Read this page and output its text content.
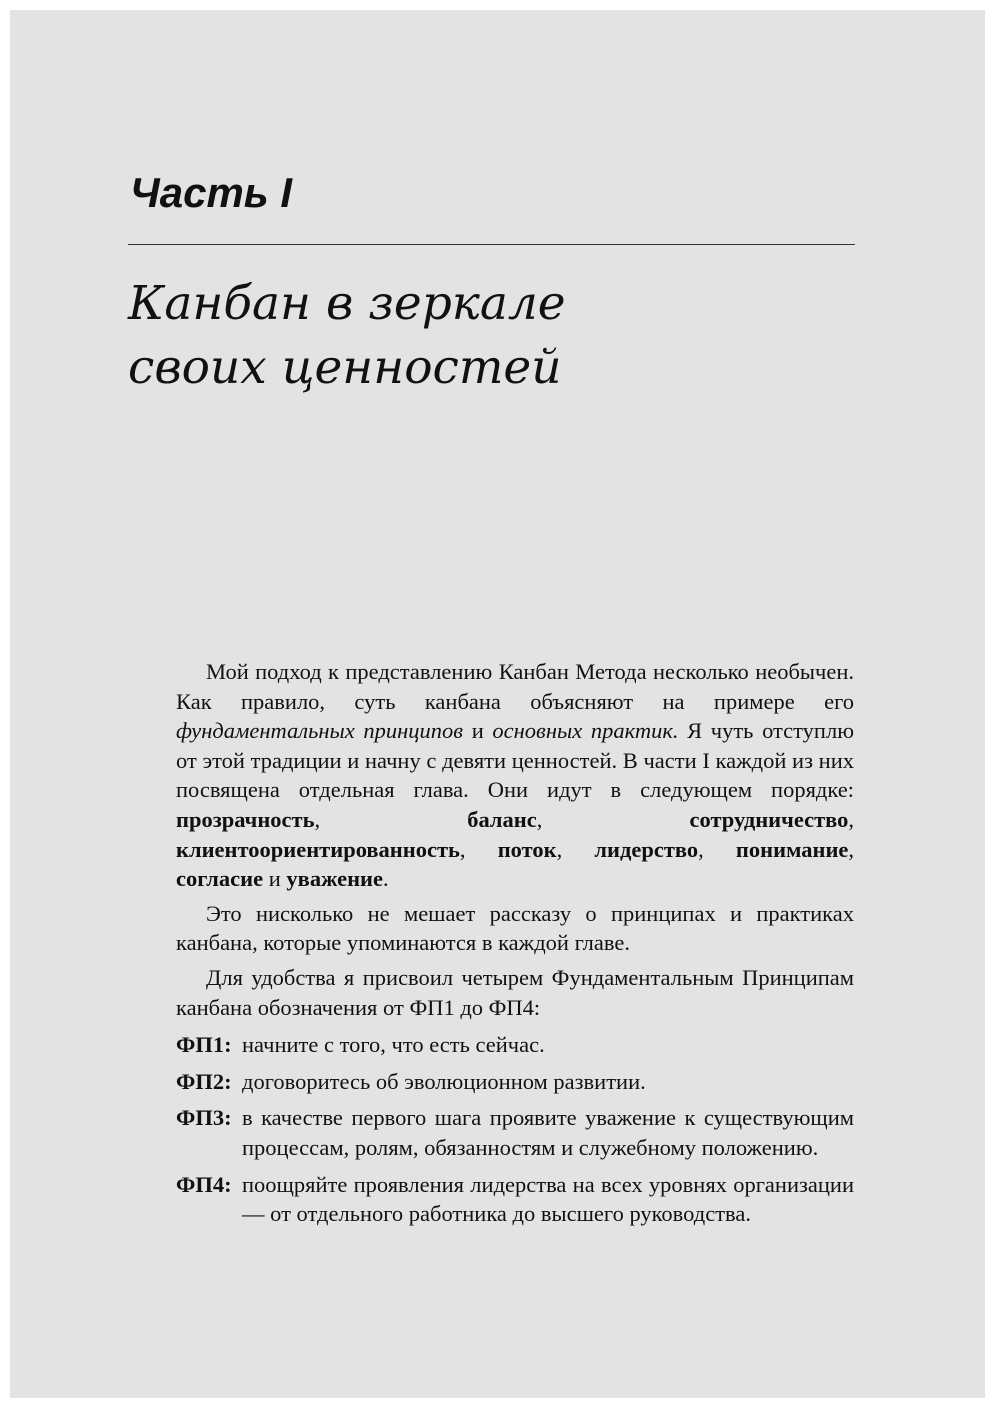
Часть I
Канбан в зеркале
своих ценностей

Мой подход к представлению Канбан Метода несколько необычен. Как правило, суть канбана объясняют на примере его фундаментальных принципов и основных практик. Я чуть отступлю от этой традиции и начну с девяти ценностей. В части I каждой из них посвящена отдельная глава. Они идут в следующем порядке: прозрачность, баланс, сотрудничество, клиентоориентированность, поток, лидерство, понимание, согласие и уважение.

Это нисколько не мешает рассказу о принципах и практиках канбана, которые упоминаются в каждой главе.

Для удобства я присвоил четырем Фундаментальным Принципам канбана обозначения от ФП1 до ФП4:

ФП1: начните с того, что есть сейчас.
ФП2: договоритесь об эволюционном развитии.
ФП3: в качестве первого шага проявите уважение к существующим процессам, ролям, обязанностям и служебному положению.
ФП4: поощряйте проявления лидерства на всех уровнях организации — от отдельного работника до высшего руководства.
